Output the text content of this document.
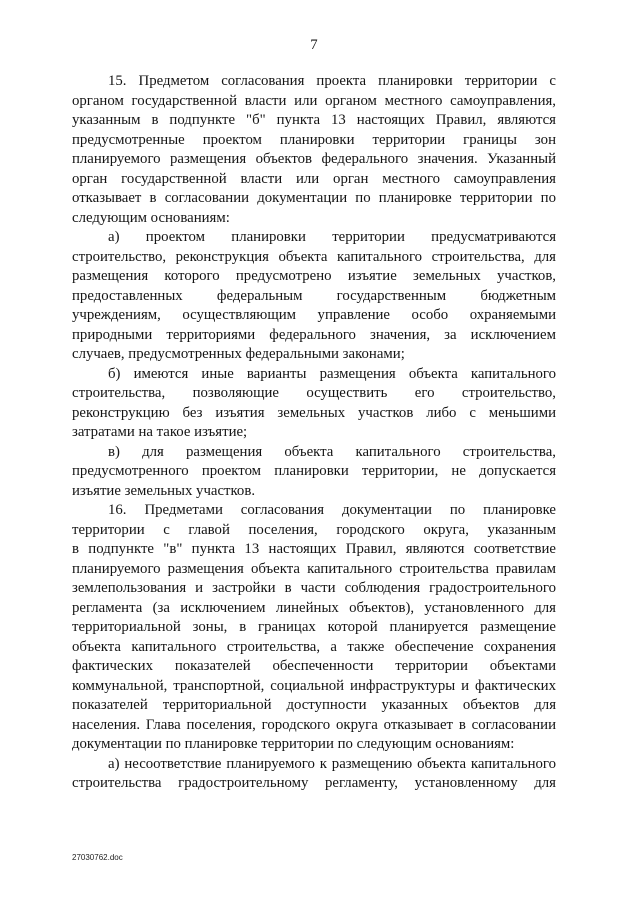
7
15. Предметом согласования проекта планировки территории с
органом государственной власти или органом местного самоуправления,
указанным в подпункте "б" пункта 13 настоящих Правил, являются
предусмотренные проектом планировки территории границы зон
планируемого размещения объектов федерального значения. Указанный
орган государственной власти или орган местного самоуправления
отказывает в согласовании документации по планировке территории по
следующим основаниям:
а) проектом планировки территории предусматриваются
строительство, реконструкция объекта капитального строительства, для
размещения которого предусмотрено изъятие земельных участков,
предоставленных федеральным государственным бюджетным
учреждениям, осуществляющим управление особо охраняемыми
природными территориями федерального значения, за исключением
случаев, предусмотренных федеральными законами;
б) имеются иные варианты размещения объекта капитального
строительства, позволяющие осуществить его строительство,
реконструкцию без изъятия земельных участков либо с меньшими
затратами на такое изъятие;
в) для размещения объекта капитального строительства,
предусмотренного проектом планировки территории, не допускается
изъятие земельных участков.
16. Предметами согласования документации по планировке
территории с главой поселения, городского округа, указанным
в подпункте "в" пункта 13 настоящих Правил, являются соответствие
планируемого размещения объекта капитального строительства правилам
землепользования и застройки в части соблюдения градостроительного
регламента (за исключением линейных объектов), установленного для
территориальной зоны, в границах которой планируется размещение
объекта капитального строительства, а также обеспечение сохранения
фактических показателей обеспеченности территории объектами
коммунальной, транспортной, социальной инфраструктуры и фактических
показателей территориальной доступности указанных объектов для
населения. Глава поселения, городского округа отказывает в согласовании
документации по планировке территории по следующим основаниям:
а) несоответствие планируемого к размещению объекта капитального
строительства градостроительному регламенту, установленному для
27030762.doc
